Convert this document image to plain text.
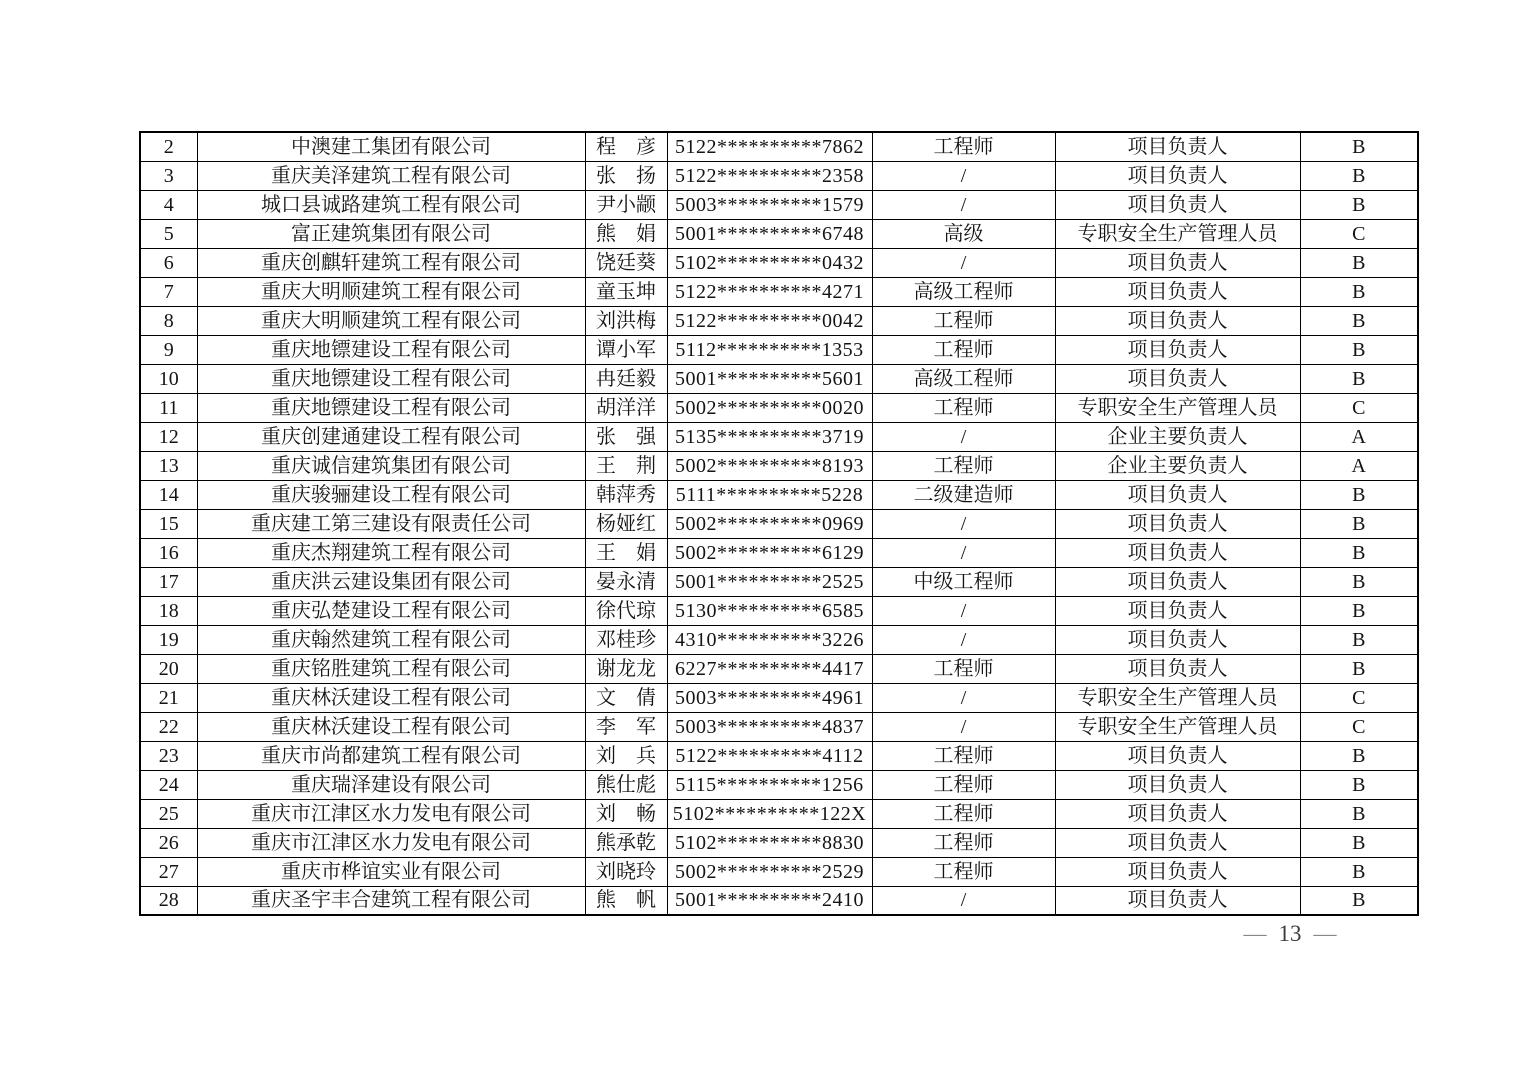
2	中澳建工集团有限公司	程　彦	5122**********7862	工程师	项目负责人	B
3	重庆美泽建筑工程有限公司	张　扬	5122**********2358	/	项目负责人	B
4	城口县诚路建筑工程有限公司	尹小颛	5003**********1579	/	项目负责人	B
5	富正建筑集团有限公司	熊　娟	5001**********6748	高级	专职安全生产管理人员	C
6	重庆创麒轩建筑工程有限公司	饶廷葵	5102**********0432	/	项目负责人	B
7	重庆大明顺建筑工程有限公司	童玉坤	5122**********4271	高级工程师	项目负责人	B
8	重庆大明顺建筑工程有限公司	刘洪梅	5122**********0042	工程师	项目负责人	B
9	重庆地镖建设工程有限公司	谭小军	5112**********1353	工程师	项目负责人	B
10	重庆地镖建设工程有限公司	冉廷毅	5001**********5601	高级工程师	项目负责人	B
11	重庆地镖建设工程有限公司	胡洋洋	5002**********0020	工程师	专职安全生产管理人员	C
12	重庆创建通建设工程有限公司	张　强	5135**********3719	/	企业主要负责人	A
13	重庆诚信建筑集团有限公司	王　荆	5002**********8193	工程师	企业主要负责人	A
14	重庆骏骊建设工程有限公司	韩萍秀	5111**********5228	二级建造师	项目负责人	B
15	重庆建工第三建设有限责任公司	杨娅红	5002**********0969	/	项目负责人	B
16	重庆杰翔建筑工程有限公司	王　娟	5002**********6129	/	项目负责人	B
17	重庆洪云建设集团有限公司	晏永清	5001**********2525	中级工程师	项目负责人	B
18	重庆弘楚建设工程有限公司	徐代琼	5130**********6585	/	项目负责人	B
19	重庆翰然建筑工程有限公司	邓桂珍	4310**********3226	/	项目负责人	B
20	重庆铭胜建筑工程有限公司	谢龙龙	6227**********4417	工程师	项目负责人	B
21	重庆林沃建设工程有限公司	文　倩	5003**********4961	/	专职安全生产管理人员	C
22	重庆林沃建设工程有限公司	李　军	5003**********4837	/	专职安全生产管理人员	C
23	重庆市尚都建筑工程有限公司	刘　兵	5122**********4112	工程师	项目负责人	B
24	重庆瑞泽建设有限公司	熊仕彪	5115**********1256	工程师	项目负责人	B
25	重庆市江津区水力发电有限公司	刘　畅	5102**********122X	工程师	项目负责人	B
26	重庆市江津区水力发电有限公司	熊承乾	5102**********8830	工程师	项目负责人	B
27	重庆市桦谊实业有限公司	刘晓玲	5002**********2529	工程师	项目负责人	B
28	重庆圣宇丰合建筑工程有限公司	熊　帆	5001**********2410	/	项目负责人	B
— 13 —
